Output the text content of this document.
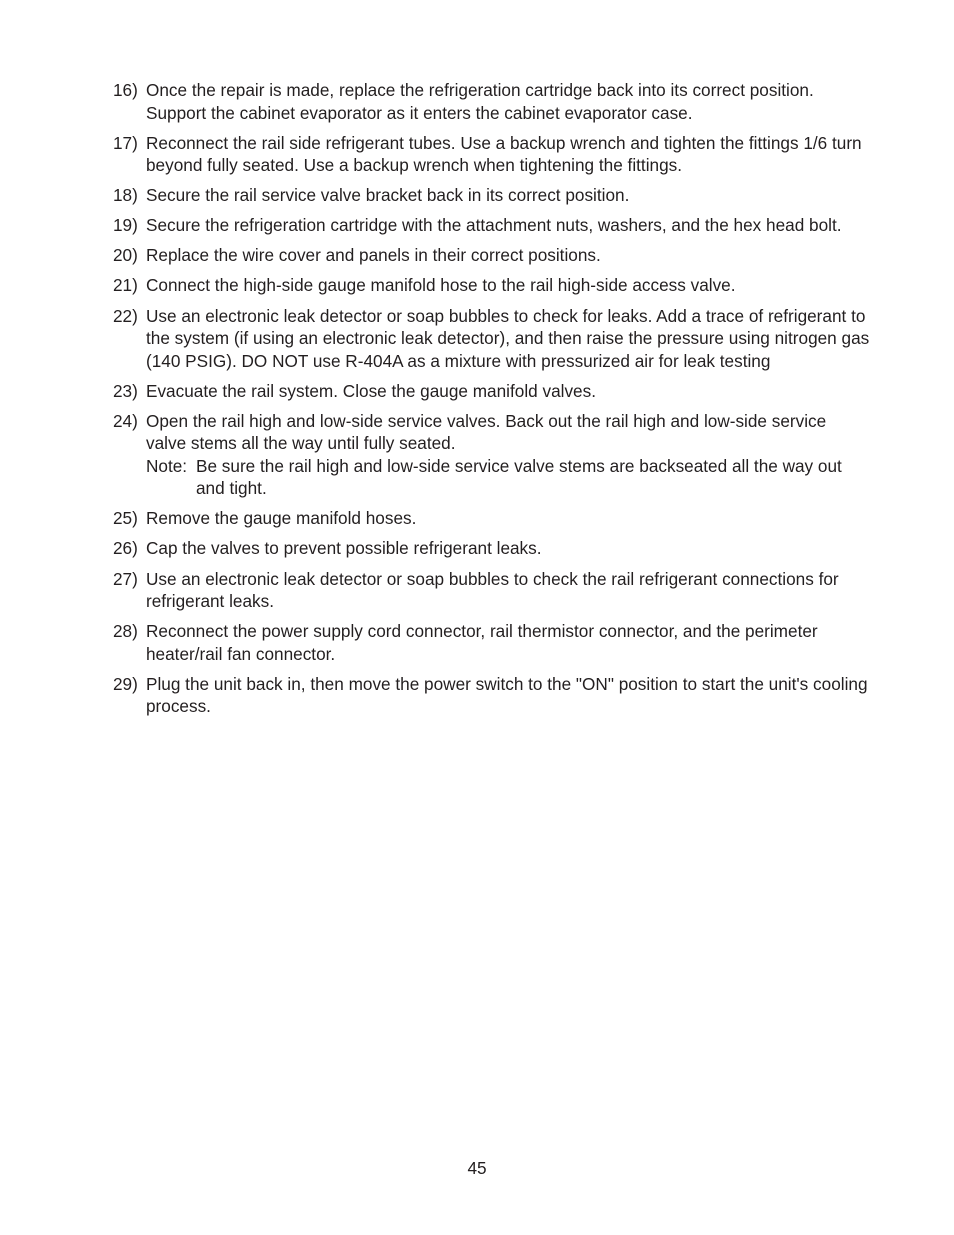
16) Once the repair is made, replace the refrigeration cartridge back into its correct position. Support the cabinet evaporator as it enters the cabinet evaporator case.
17) Reconnect the rail side refrigerant tubes. Use a backup wrench and tighten the fittings 1/6 turn beyond fully seated. Use a backup wrench when tightening the fittings.
18) Secure the rail service valve bracket back in its correct position.
19) Secure the refrigeration cartridge with the attachment nuts, washers, and the hex head bolt.
20) Replace the wire cover and panels in their correct positions.
21) Connect the high-side gauge manifold hose to the rail high-side access valve.
22) Use an electronic leak detector or soap bubbles to check for leaks. Add a trace of refrigerant to the system (if using an electronic leak detector), and then raise the pressure using nitrogen gas (140 PSIG). DO NOT use R-404A as a mixture with pressurized air for leak testing
23) Evacuate the rail system. Close the gauge manifold valves.
24) Open the rail high and low-side service valves. Back out the rail high and low-side service valve stems all the way until fully seated.
Note: Be sure the rail high and low-side service valve stems are backseated all the way out and tight.
25) Remove the gauge manifold hoses.
26) Cap the valves to prevent possible refrigerant leaks.
27) Use an electronic leak detector or soap bubbles to check the rail refrigerant connections for refrigerant leaks.
28) Reconnect the power supply cord connector, rail thermistor connector, and the perimeter heater/rail fan connector.
29) Plug the unit back in, then move the power switch to the "ON" position to start the unit's cooling process.
45
